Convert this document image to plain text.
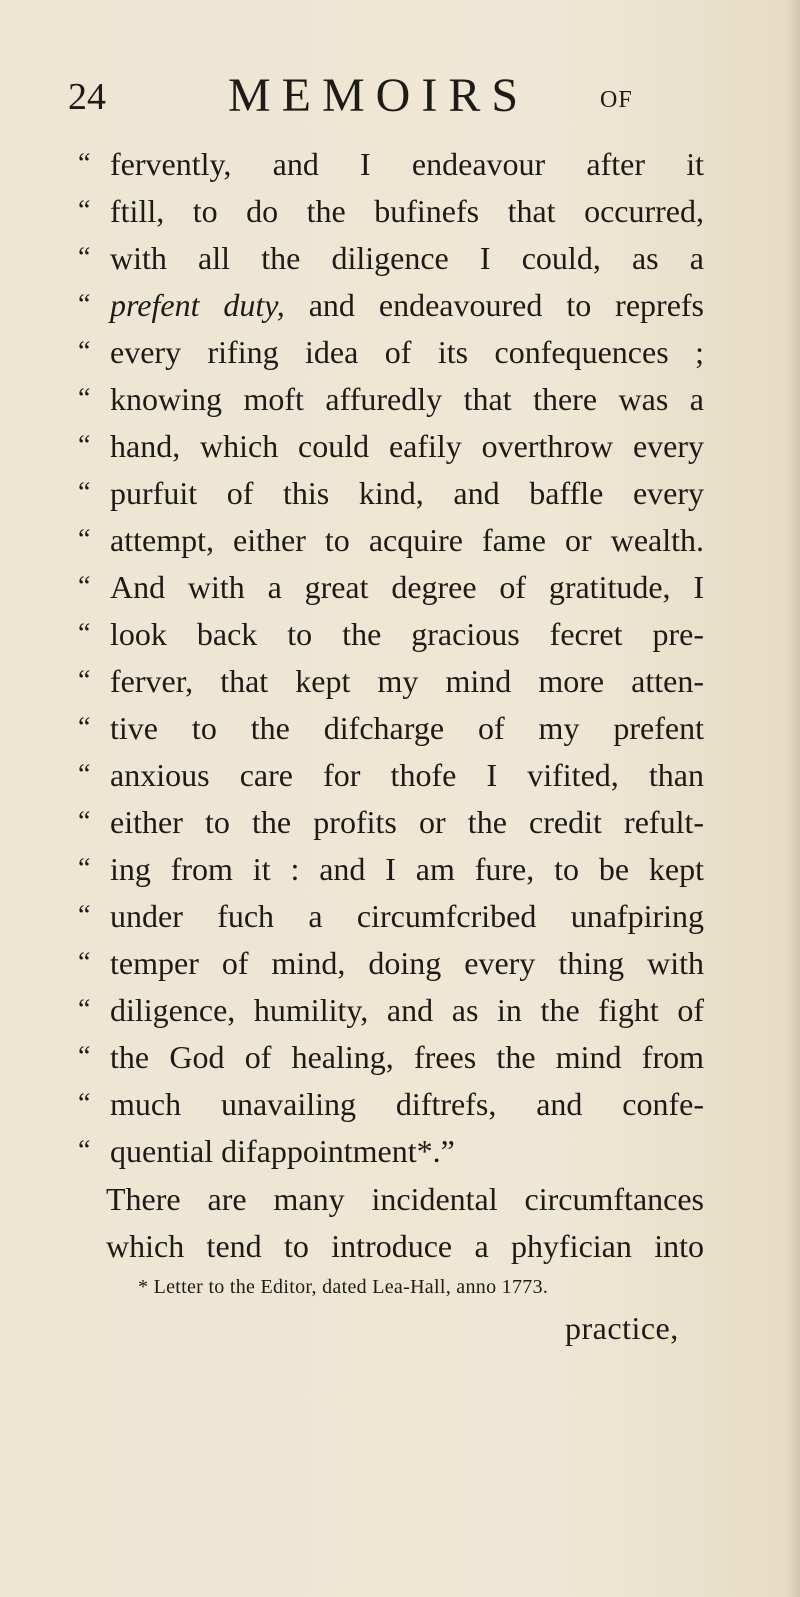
24	MEMOIRS	OF
“ fervently, and I endeavour after it
“ ftill, to do the bufinefs that occurred,
“ with all the diligence I could, as a
“ prefent duty, and endeavoured to reprefs
“ every rifing idea of its confequences ;
“ knowing moft affuredly that there was a
“ hand, which could eafily overthrow every
“ purfuit of this kind, and baffle every
“ attempt, either to acquire fame or wealth.
“ And with a great degree of gratitude, I
“ look back to the gracious fecret pre-
“ ferver, that kept my mind more atten-
“ tive to the difcharge of my prefent
“ anxious care for thofe I vifited, than
“ either to the profits or the credit refult-
“ ing from it : and I am fure, to be kept
“ under fuch a circumfcribed unafpiring
“ temper of mind, doing every thing with
“ diligence, humility, and as in the fight of
“ the God of healing, frees the mind from
“ much unavailing diftrefs, and confe-
“ quential difappointment*.”
There are many incidental circumftances
which tend to introduce a phyfician into
* Letter to the Editor, dated Lea-Hall, anno 1773.
practice,
